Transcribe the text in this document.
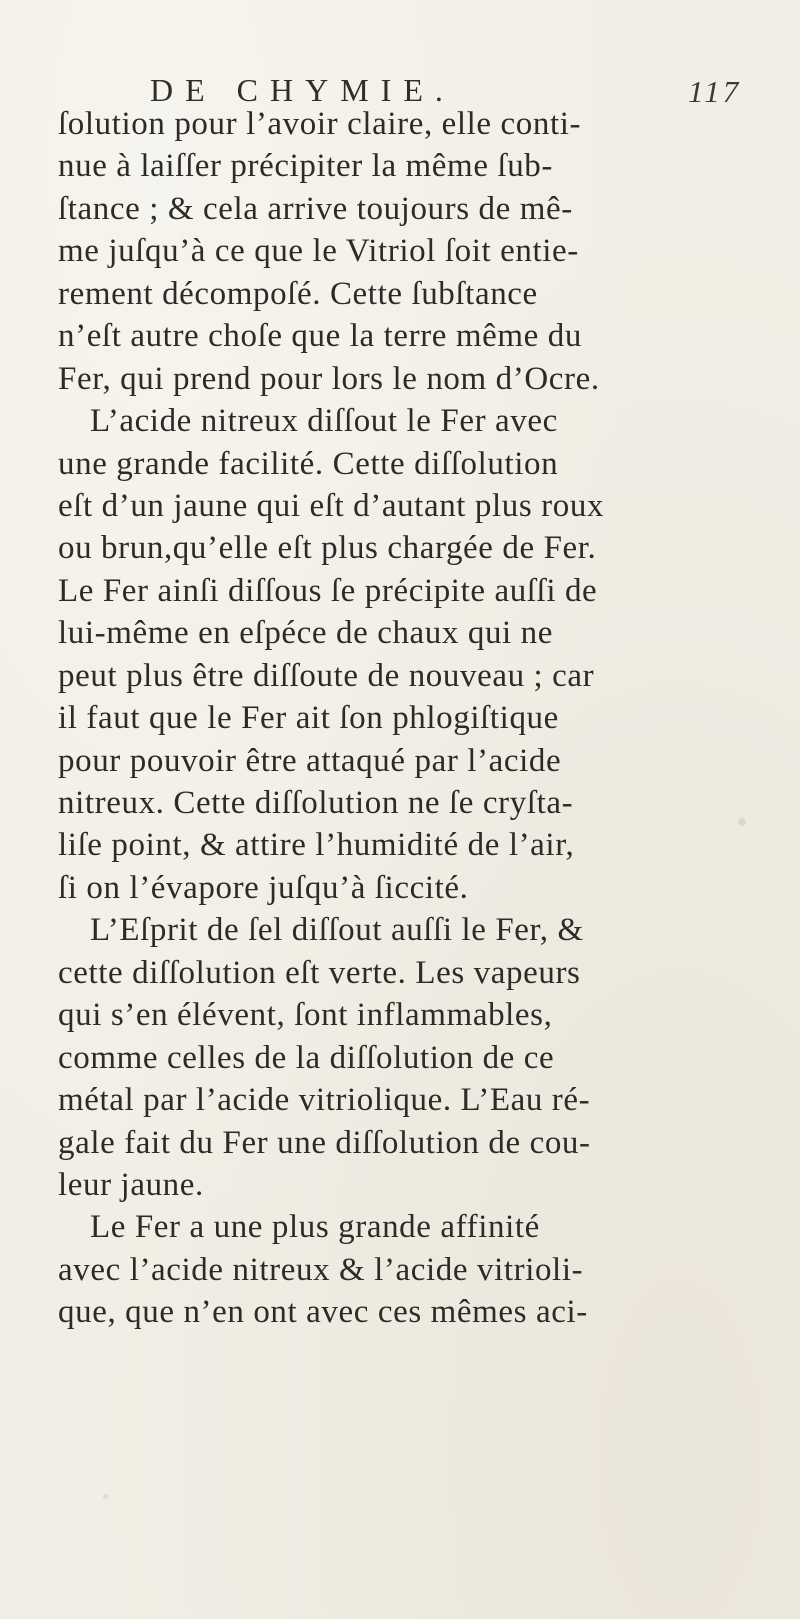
DE CHYMIE.	117
ſolution pour l’avoir claire, elle conti-
nue à laiſſer précipiter la même ſub-
ſtance ; & cela arrive toujours de mê-
me juſqu’à ce que le Vitriol ſoit entie-
rement décompoſé. Cette ſubſtance
n’eſt autre choſe que la terre même du
Fer, qui prend pour lors le nom d’Ocre.
L’acide nitreux diſſout le Fer avec
une grande facilité. Cette diſſolution
eſt d’un jaune qui eſt d’autant plus roux
ou brun,qu’elle eſt plus chargée de Fer.
Le Fer ainſi diſſous ſe précipite auſſi de
lui-même en eſpéce de chaux qui ne
peut plus être diſſoute de nouveau ; car
il faut que le Fer ait ſon phlogiſtique
pour pouvoir être attaqué par l’acide
nitreux. Cette diſſolution ne ſe cryſta-
liſe point, & attire l’humidité de l’air,
ſi on l’évapore juſqu’à ſiccité.
L’Eſprit de ſel diſſout auſſi le Fer, &
cette diſſolution eſt verte. Les vapeurs
qui s’en élévent, ſont inflammables,
comme celles de la diſſolution de ce
métal par l’acide vitriolique. L’Eau ré-
gale fait du Fer une diſſolution de cou-
leur jaune.
Le Fer a une plus grande affinité
avec l’acide nitreux & l’acide vitrioli-
que, que n’en ont avec ces mêmes aci-
